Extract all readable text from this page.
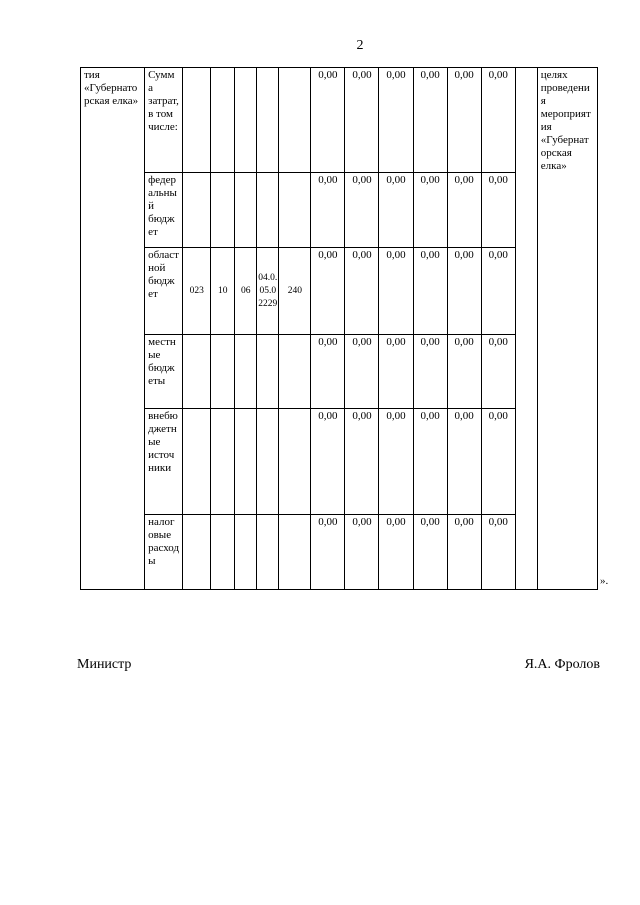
2
тия «Губернаторская елка»	Сумма затрат, в том числе:						0,00	0,00	0,00	0,00	0,00	0,00		целях проведения мероприятия «Губернаторская елка»
	федеральный бюджет						0,00	0,00	0,00	0,00	0,00	0,00		
	областной бюджет	023	10	06	04.0.05.02229	240	0,00	0,00	0,00	0,00	0,00	0,00		
	местные бюджеты						0,00	0,00	0,00	0,00	0,00	0,00		
	внебюджетные источники						0,00	0,00	0,00	0,00	0,00	0,00		
	налоговые расходы						0,00	0,00	0,00	0,00	0,00	0,00		
».
Министр	Я.А. Фролов
